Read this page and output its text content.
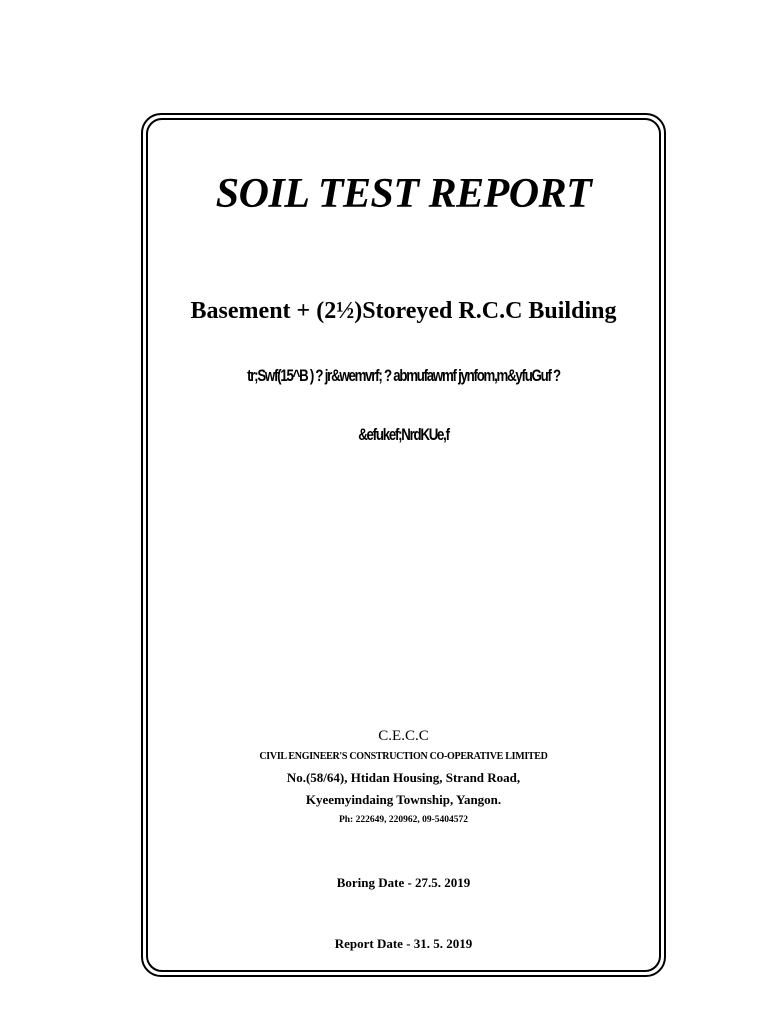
SOIL TEST REPORT
Basement + (2½)Storeyed R.C.C Building
tr;Swf(15^B ) ? jr&wemvrf; ? abmufawmf jynfom,m&yfuGuf ?
&efukef;NrdKUe,f
C.E.C.C
CIVIL ENGINEER'S CONSTRUCTION CO-OPERATIVE LIMITED
No.(58/64), Htidan Housing, Strand Road,
Kyeemyindaing Township, Yangon.
Ph: 222649, 220962, 09-5404572
Boring Date - 27.5. 2019
Report Date - 31. 5. 2019
